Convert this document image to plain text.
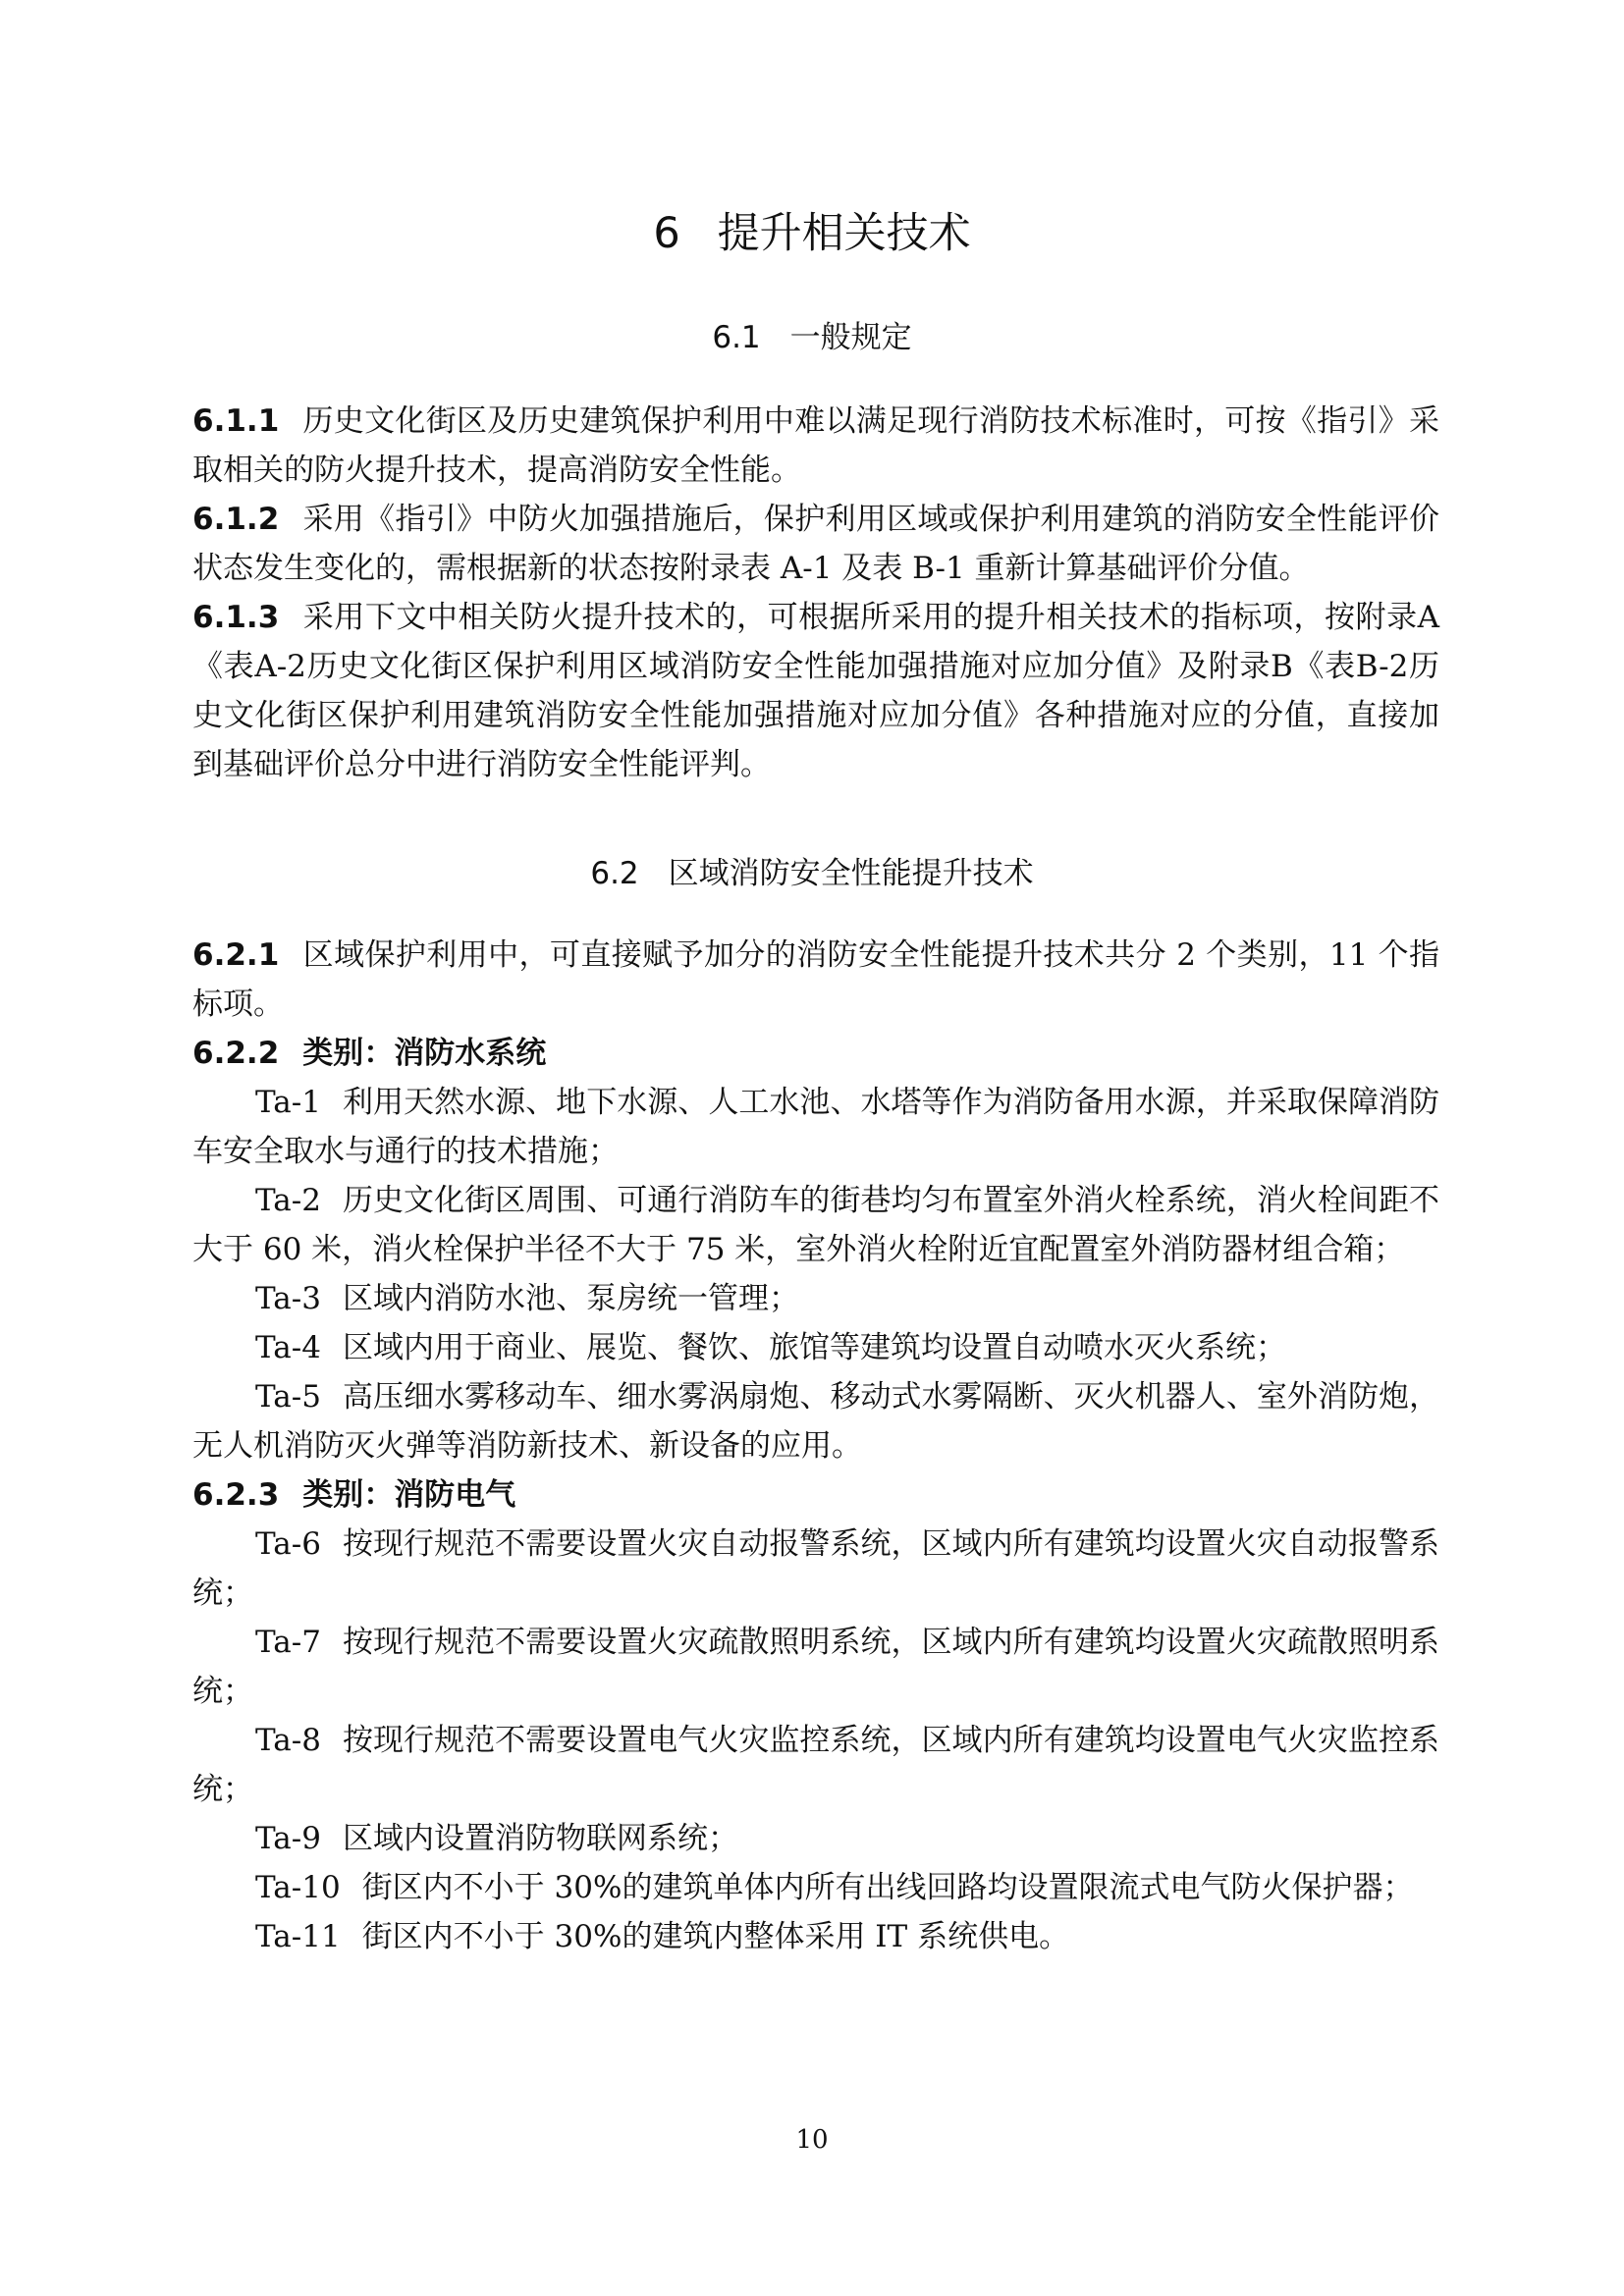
6 提升相关技术
6.1 一般规定
6.1.1 历史文化街区及历史建筑保护利用中难以满足现行消防技术标准时，可按《指引》采取相关的防火提升技术，提高消防安全性能。
6.1.2 采用《指引》中防火加强措施后，保护利用区域或保护利用建筑的消防安全性能评价状态发生变化的，需根据新的状态按附录表 A-1 及表 B-1 重新计算基础评价分值。
6.1.3 采用下文中相关防火提升技术的，可根据所采用的提升相关技术的指标项，按附录A《表A-2历史文化街区保护利用区域消防安全性能加强措施对应加分值》及附录B《表B-2历史文化街区保护利用建筑消防安全性能加强措施对应加分值》各种措施对应的分值，直接加到基础评价总分中进行消防安全性能评判。
6.2 区域消防安全性能提升技术
6.2.1 区域保护利用中，可直接赋予加分的消防安全性能提升技术共分 2 个类别，11 个指标项。
6.2.2 类别：消防水系统
Ta-1 利用天然水源、地下水源、人工水池、水塔等作为消防备用水源，并采取保障消防车安全取水与通行的技术措施；
Ta-2 历史文化街区周围、可通行消防车的街巷均匀布置室外消火栓系统，消火栓间距不大于 60 米，消火栓保护半径不大于 75 米，室外消火栓附近宜配置室外消防器材组合箱；
Ta-3 区域内消防水池、泵房统一管理；
Ta-4 区域内用于商业、展览、餐饮、旅馆等建筑均设置自动喷水灭火系统；
Ta-5 高压细水雾移动车、细水雾涡扇炮、移动式水雾隔断、灭火机器人、室外消防炮，无人机消防灭火弹等消防新技术、新设备的应用。
6.2.3 类别：消防电气
Ta-6 按现行规范不需要设置火灾自动报警系统，区域内所有建筑均设置火灾自动报警系统；
Ta-7 按现行规范不需要设置火灾疏散照明系统，区域内所有建筑均设置火灾疏散照明系统；
Ta-8 按现行规范不需要设置电气火灾监控系统，区域内所有建筑均设置电气火灾监控系统；
Ta-9 区域内设置消防物联网系统；
Ta-10 街区内不小于 30%的建筑单体内所有出线回路均设置限流式电气防火保护器；
Ta-11 街区内不小于 30%的建筑内整体采用 IT 系统供电。
10
